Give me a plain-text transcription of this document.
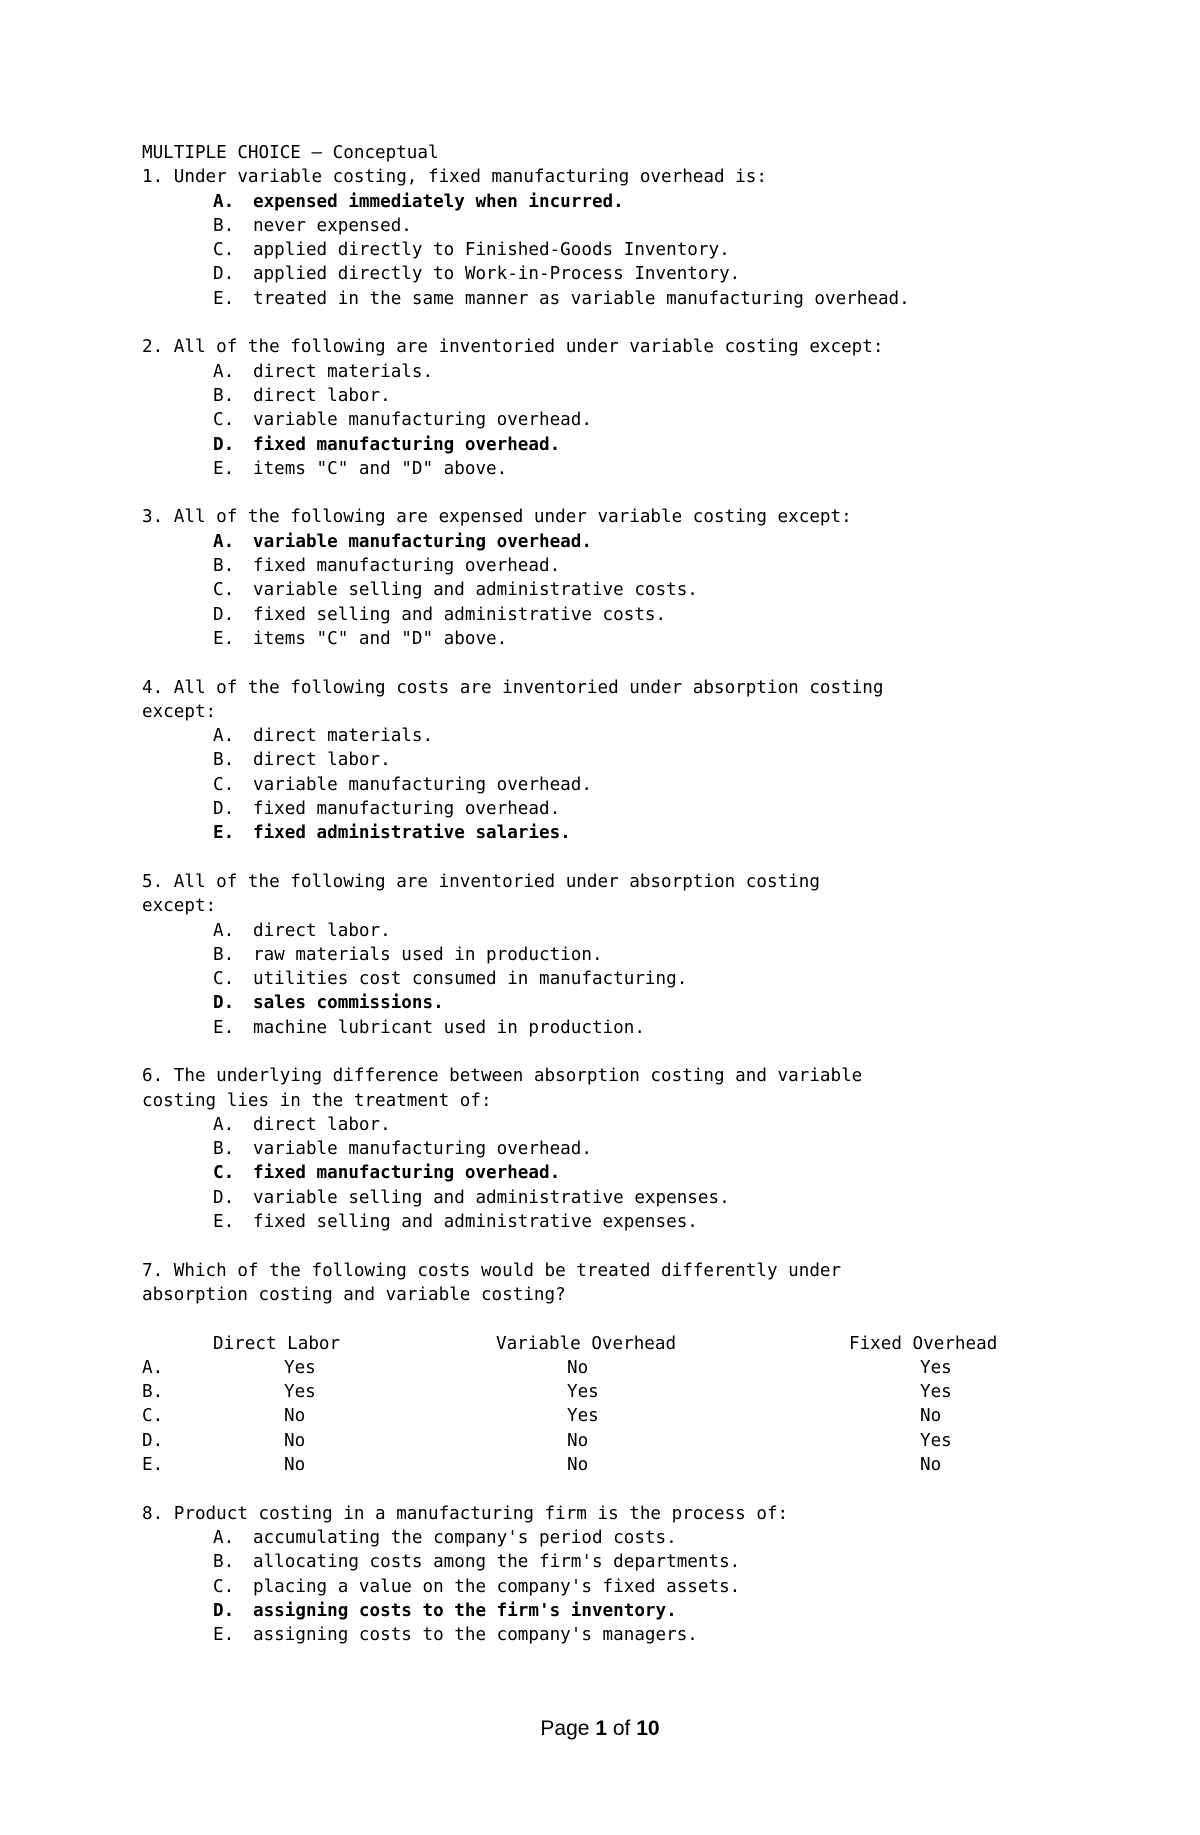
MULTIPLE CHOICE – Conceptual
1. Under variable costing, fixed manufacturing overhead is:
A. expensed immediately when incurred.
B. never expensed.
C. applied directly to Finished-Goods Inventory.
D. applied directly to Work-in-Process Inventory.
E. treated in the same manner as variable manufacturing overhead.
2. All of the following are inventoried under variable costing except:
A. direct materials.
B. direct labor.
C. variable manufacturing overhead.
D. fixed manufacturing overhead.
E. items "C" and "D" above.
3. All of the following are expensed under variable costing except:
A. variable manufacturing overhead.
B. fixed manufacturing overhead.
C. variable selling and administrative costs.
D. fixed selling and administrative costs.
E. items "C" and "D" above.
4. All of the following costs are inventoried under absorption costing
except:
A. direct materials.
B. direct labor.
C. variable manufacturing overhead.
D. fixed manufacturing overhead.
E. fixed administrative salaries.
5. All of the following are inventoried under absorption costing
except:
A. direct labor.
B. raw materials used in production.
C. utilities cost consumed in manufacturing.
D. sales commissions.
E. machine lubricant used in production.
6. The underlying difference between absorption costing and variable
costing lies in the treatment of:
A. direct labor.
B. variable manufacturing overhead.
C. fixed manufacturing overhead.
D. variable selling and administrative expenses.
E. fixed selling and administrative expenses.
7. Which of the following costs would be treated differently under
absorption costing and variable costing?
	Direct Labor	Variable Overhead	Fixed Overhead
A.	Yes	No	Yes
B.	Yes	Yes	Yes
C.	No	Yes	No
D.	No	No	Yes
E.	No	No	No
8. Product costing in a manufacturing firm is the process of:
A. accumulating the company's period costs.
B. allocating costs among the firm's departments.
C. placing a value on the company's fixed assets.
D. assigning costs to the firm's inventory.
E. assigning costs to the company's managers.
Page 1 of 10
